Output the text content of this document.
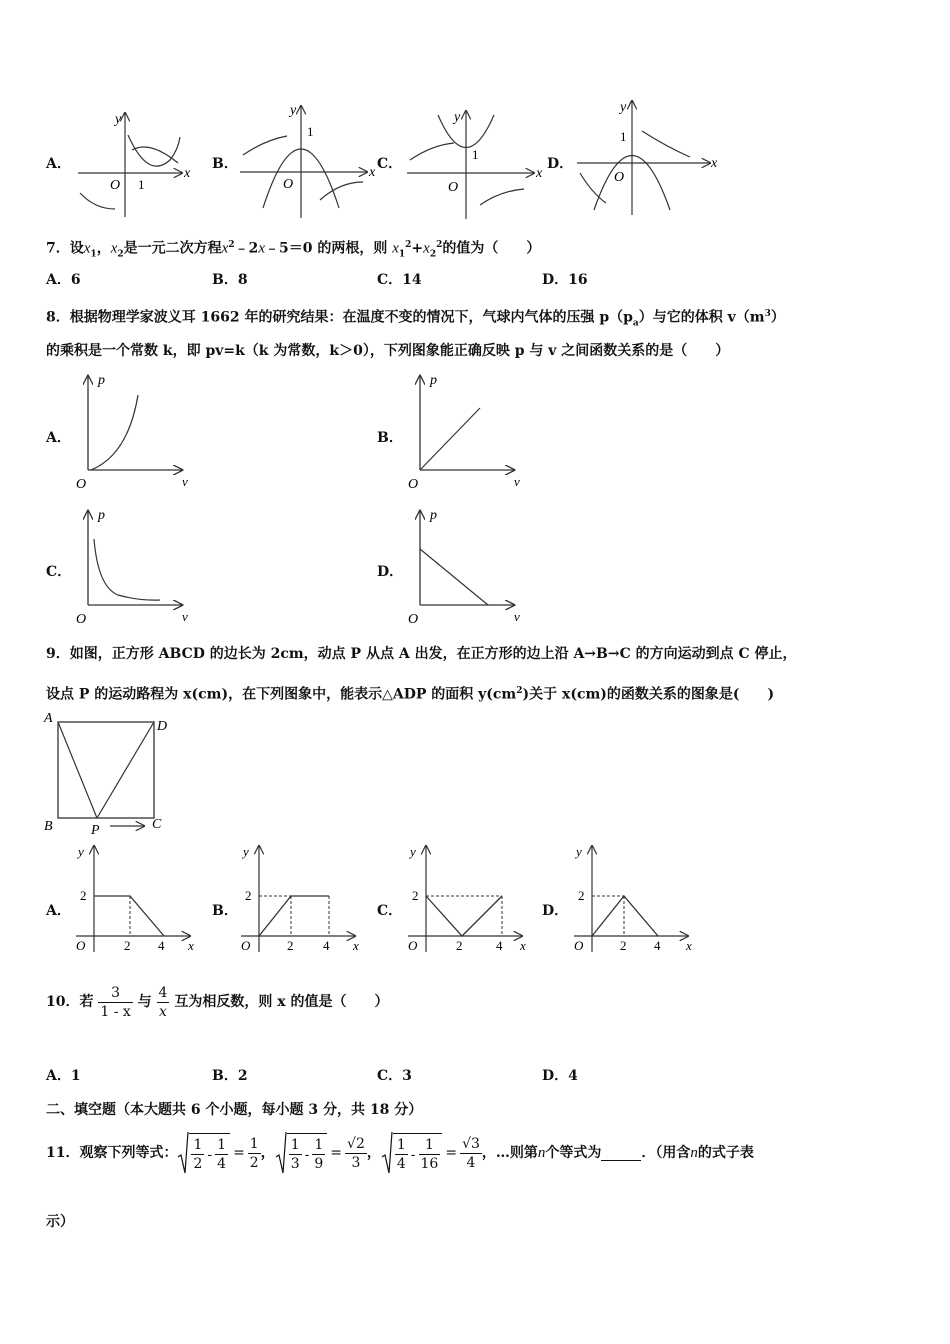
A．	B．	C．	D．
x
y
O 1
x
y
O
1
x
y
O
1
x
y
O
1
7．设$x_1$，$x_2$是一元二次方程$x^2﹣2x﹣5=0$ 的两根，则 $x_1^2+x_2^2$的值为（　　）
A．6	B．8	C．14	D．16
8．根据物理学家波义耳 1662 年的研究结果：在温度不变的情况下，气球内气体的压强 $p(p_a)$与它的体积 $v(m^3)$
的乘积是一个常数 k，即 pv=k（k 为常数，k＞0），下列图象能正确反映 p 与 v 之间函数关系的是（　　）
A．	B．
C．	D．
p
v
O
p
v
O
p
v
O
p
v
O
9．如图，正方形 ABCD 的边长为 2cm，动点 P 从点 A 出发，在正方形的边上沿 A→B→C 的方向运动到点 C 停止，
设点 P 的运动路程为 x(cm)，在下列图象中，能表示△ADP 的面积 $y(cm^2)$关于 x(cm)的函数关系的图象是(　　)
A
D
B	C
P
A．	B．	C．	D．
2
2 4
O	x
y
2
2 4
O	x
y
2
2	4
O	x
y
2
2 4
O	x
y
10．若 $\frac{3}{1 - x}$ 与 $\frac{4}{x}$ 互为相反数，则 x 的值是（　　）
A．1	B．2	C．3	D．4
二、填空题（本大题共 6 个小题，每小题 3 分，共 18 分）
11．观察下列等式： $\frac{1}{2} - \frac{1}{4} = \frac{1}{2}$ ， $\frac{1}{3} - \frac{1}{9} = \frac{√2}{3}$ ， $\frac{1}{4} - \frac{1}{16} = \frac{√3}{4}$ ，…则第 n 个等式为	．（用含 n 的式子表
示）
